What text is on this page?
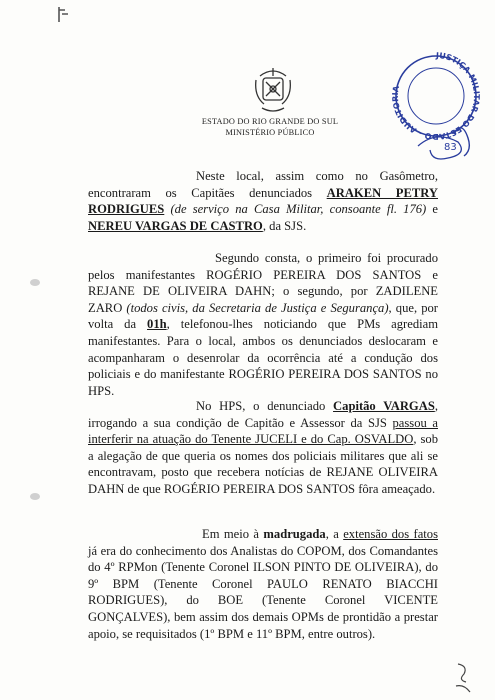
ESTADO DO RIO GRANDE DO SUL
MINISTÉRIO PÚBLICO
JUSTIÇA MILITAR DO ESTADO - AUDITORIA
83

Neste local, assim como no Gasômetro, encontraram os Capitães denunciados ARAKEN PETRY RODRIGUES (de serviço na Casa Militar, consoante fl. 176) e NEREU VARGAS DE CASTRO, da SJS.

Segundo consta, o primeiro foi procurado pelos manifestantes ROGÉRIO PEREIRA DOS SANTOS e REJANE DE OLIVEIRA DAHN; o segundo, por ZADILENE ZARO (todos civis, da Secretaria de Justiça e Segurança), que, por volta da 01h, telefonou-lhes noticiando que PMs agrediam manifestantes. Para o local, ambos os denunciados deslocaram e acompanharam o desenrolar da ocorrência até a condução dos policiais e do manifestante ROGÉRIO PEREIRA DOS SANTOS no HPS.

No HPS, o denunciado Capitão VARGAS, irrogando a sua condição de Capitão e Assessor da SJS passou a interferir na atuação do Tenente JUCELI e do Cap. OSVALDO, sob a alegação de que queria os nomes dos policiais militares que ali se encontravam, posto que recebera notícias de REJANE OLIVEIRA DAHN de que ROGÉRIO PEREIRA DOS SANTOS fôra ameaçado.

Em meio à madrugada, a extensão dos fatos já era do conhecimento dos Analistas do COPOM, dos Comandantes do 4º RPMon (Tenente Coronel ILSON PINTO DE OLIVEIRA), do 9º BPM (Tenente Coronel PAULO RENATO BIACCHI RODRIGUES), do BOE (Tenente Coronel VICENTE GONÇALVES), bem assim dos demais OPMs de prontidão a prestar apoio, se requisitados (1º BPM e 11º BPM, entre outros).
